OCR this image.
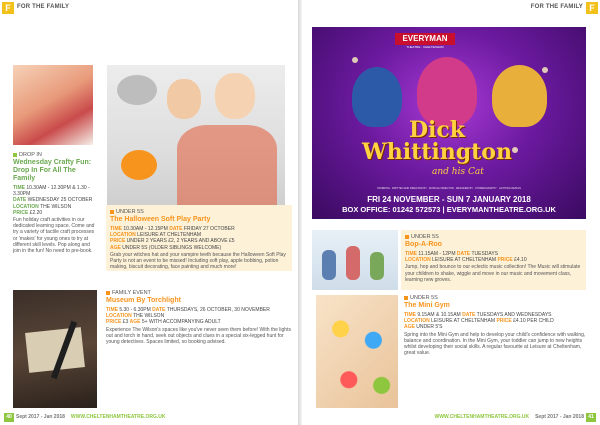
F	FOR THE FAMILY
DROP IN
Wednesday Crafty Fun: Drop In For All The Family
TIME 10.30AM - 12.30PM & 1.30 - 3.30PM
DATE WEDNESDAY 25 OCTOBER
LOCATION THE WILSON
PRICE £2.20
Fun holiday craft activities in our dedicated learning space. Come and try a variety of tactile craft processes or 'makes' for young ones to try at different skill levels. Pop along and join in the fun! No need to pre-book.
UNDER 5S
The Halloween Soft Play Party
TIME 10.30AM - 12.15PM DATE FRIDAY 27 OCTOBER
LOCATION LEISURE AT CHELTENHAM
PRICE UNDER 2 YEARS £2, 2 YEARS AND ABOVE £5
AGE UNDER 5S (OLDER SIBLINGS WELCOME)
Grab your witches hat and your vampire teeth because the Halloween Soft Play Party is not an event to be missed! Including soft play, apple bobbing, potion making, biscuit decorating, face painting and much more!
FAMILY EVENT
Museum By Torchlight
TIME 5.30 - 6.30PM DATE THURSDAYS, 26 OCTOBER, 30 NOVEMBER
LOCATION THE WILSON
PRICE £3 AGE 5+ WITH ACCOMPANYING ADULT
Experience The Wilson's spaces like you've never seen them before! With the lights out and torch in hand, seek out objects and clues in a special six-legged hunt for young detectives. Spaces limited, so booking advised.
40 Sept 2017 - Jan 2018 WWW.CHELTENHAMTHEATRE.ORG.UK
F
FOR THE FAMILY
WWW.CHELTENHAMTHEATRE.ORG.UK Sept 2017 - Jan 2018 41
EVERYMAN
THEATRE · CHELTENHAM
Dick
Whittington
and his Cat
STARRING · WRITTEN AND DIRECTED BY · MUSICAL DIRECTOR · DESIGNED BY · CHOREOGRAPHY · LIGHTING DESIGN
FRI 24 NOVEMBER - SUN 7 JANUARY 2018
BOX OFFICE: 01242 572573 | EVERYMANTHEATRE.ORG.UK
UNDER 5S
Bop-A-Roo
TIME 11.15AM - 12PM DATE TUESDAYS
LOCATION LEISURE AT CHELTENHAM PRICE £4.10
Jump, hop and bounce to our eclectic music collection! The Music will stimulate your children to shake, wiggle and move in our music and movement class, learning new groves.
UNDER 5S
The Mini Gym
TIME 9.15AM & 10.15AM DATE TUESDAYS AND WEDNESDAYS
LOCATION LEISURE AT CHELTENHAM PRICE £4.10 PER CHILD
AGE UNDER 5'S
Spring into the Mini Gym and help to develop your child's confidence with walking, balance and coordination. In the Mini Gym, your toddler can jump to new heights whilst developing their social skills. A regular favourite at Leisure at Cheltenham, great value.
